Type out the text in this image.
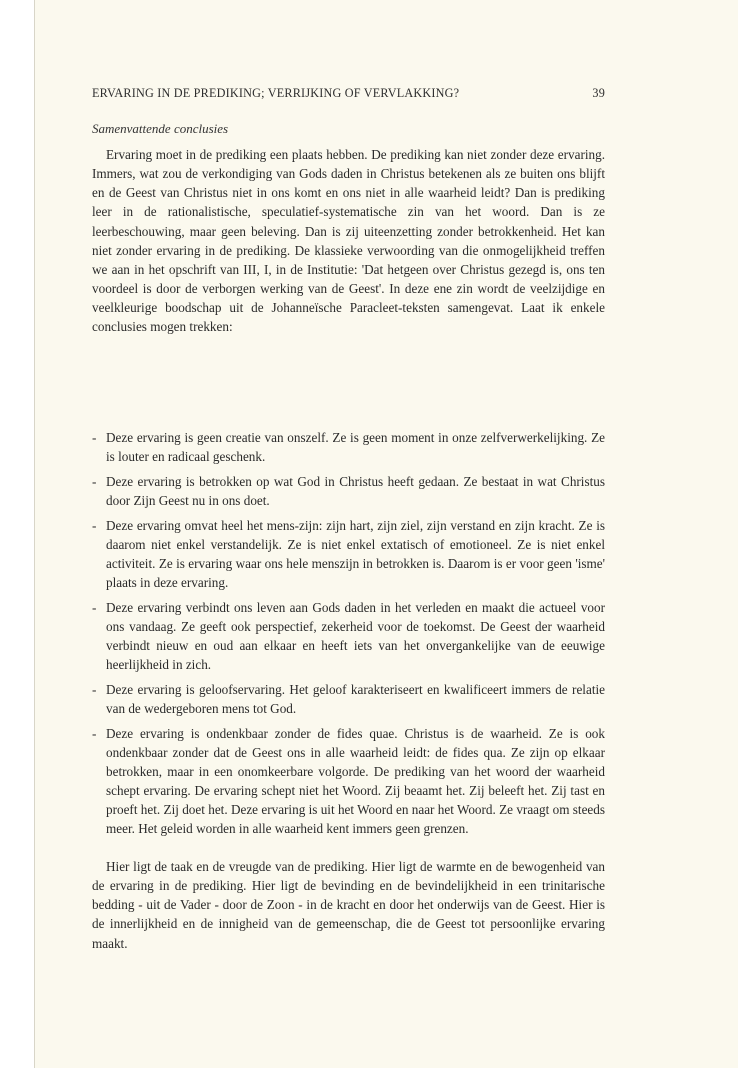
ERVARING IN DE PREDIKING; VERRIJKING OF VERVLAKKING?	39
Samenvattende conclusies

Ervaring moet in de prediking een plaats hebben. De prediking kan niet zonder deze ervaring. Immers, wat zou de verkondiging van Gods daden in Christus betekenen als ze buiten ons blijft en de Geest van Christus niet in ons komt en ons niet in alle waarheid leidt? Dan is prediking leer in de rationalistische, speculatief-systematische zin van het woord. Dan is ze leerbeschouwing, maar geen beleving. Dan is zij uiteenzetting zonder betrokkenheid. Het kan niet zonder ervaring in de prediking. De klassieke verwoording van die onmogelijkheid treffen we aan in het opschrift van III, I, in de Institutie: 'Dat hetgeen over Christus gezegd is, ons ten voordeel is door de verborgen werking van de Geest'. In deze ene zin wordt de veelzijdige en veelkleurige boodschap uit de Johanneïsche Paracleet-teksten samengevat. Laat ik enkele conclusies mogen trekken:

- Deze ervaring is geen creatie van onszelf. Ze is geen moment in onze zelfverwerkelijking. Ze is louter en radicaal geschenk.
- Deze ervaring is betrokken op wat God in Christus heeft gedaan. Ze bestaat in wat Christus door Zijn Geest nu in ons doet.
- Deze ervaring omvat heel het mens-zijn: zijn hart, zijn ziel, zijn verstand en zijn kracht. Ze is daarom niet enkel verstandelijk. Ze is niet enkel extatisch of emotioneel. Ze is niet enkel activiteit. Ze is ervaring waar ons hele menszijn in betrokken is. Daarom is er voor geen 'isme' plaats in deze ervaring.
- Deze ervaring verbindt ons leven aan Gods daden in het verleden en maakt die actueel voor ons vandaag. Ze geeft ook perspectief, zekerheid voor de toekomst. De Geest der waarheid verbindt nieuw en oud aan elkaar en heeft iets van het onvergankelijke van de eeuwige heerlijkheid in zich.
- Deze ervaring is geloofservaring. Het geloof karakteriseert en kwalificeert immers de relatie van de wedergeboren mens tot God.
- Deze ervaring is ondenkbaar zonder de fides quae. Christus is de waarheid. Ze is ook ondenkbaar zonder dat de Geest ons in alle waarheid leidt: de fides qua. Ze zijn op elkaar betrokken, maar in een onomkeerbare volgorde. De prediking van het woord der waarheid schept ervaring. De ervaring schept niet het Woord. Zij beaamt het. Zij beleeft het. Zij tast en proeft het. Zij doet het. Deze ervaring is uit het Woord en naar het Woord. Ze vraagt om steeds meer. Het geleid worden in alle waarheid kent immers geen grenzen.

Hier ligt de taak en de vreugde van de prediking. Hier ligt de warmte en de bewogenheid van de ervaring in de prediking. Hier ligt de bevinding en de bevindelijkheid in een trinitarische bedding - uit de Vader - door de Zoon - in de kracht en door het onderwijs van de Geest. Hier is de innerlijkheid en de innigheid van de gemeenschap, die de Geest tot persoonlijke ervaring maakt.
